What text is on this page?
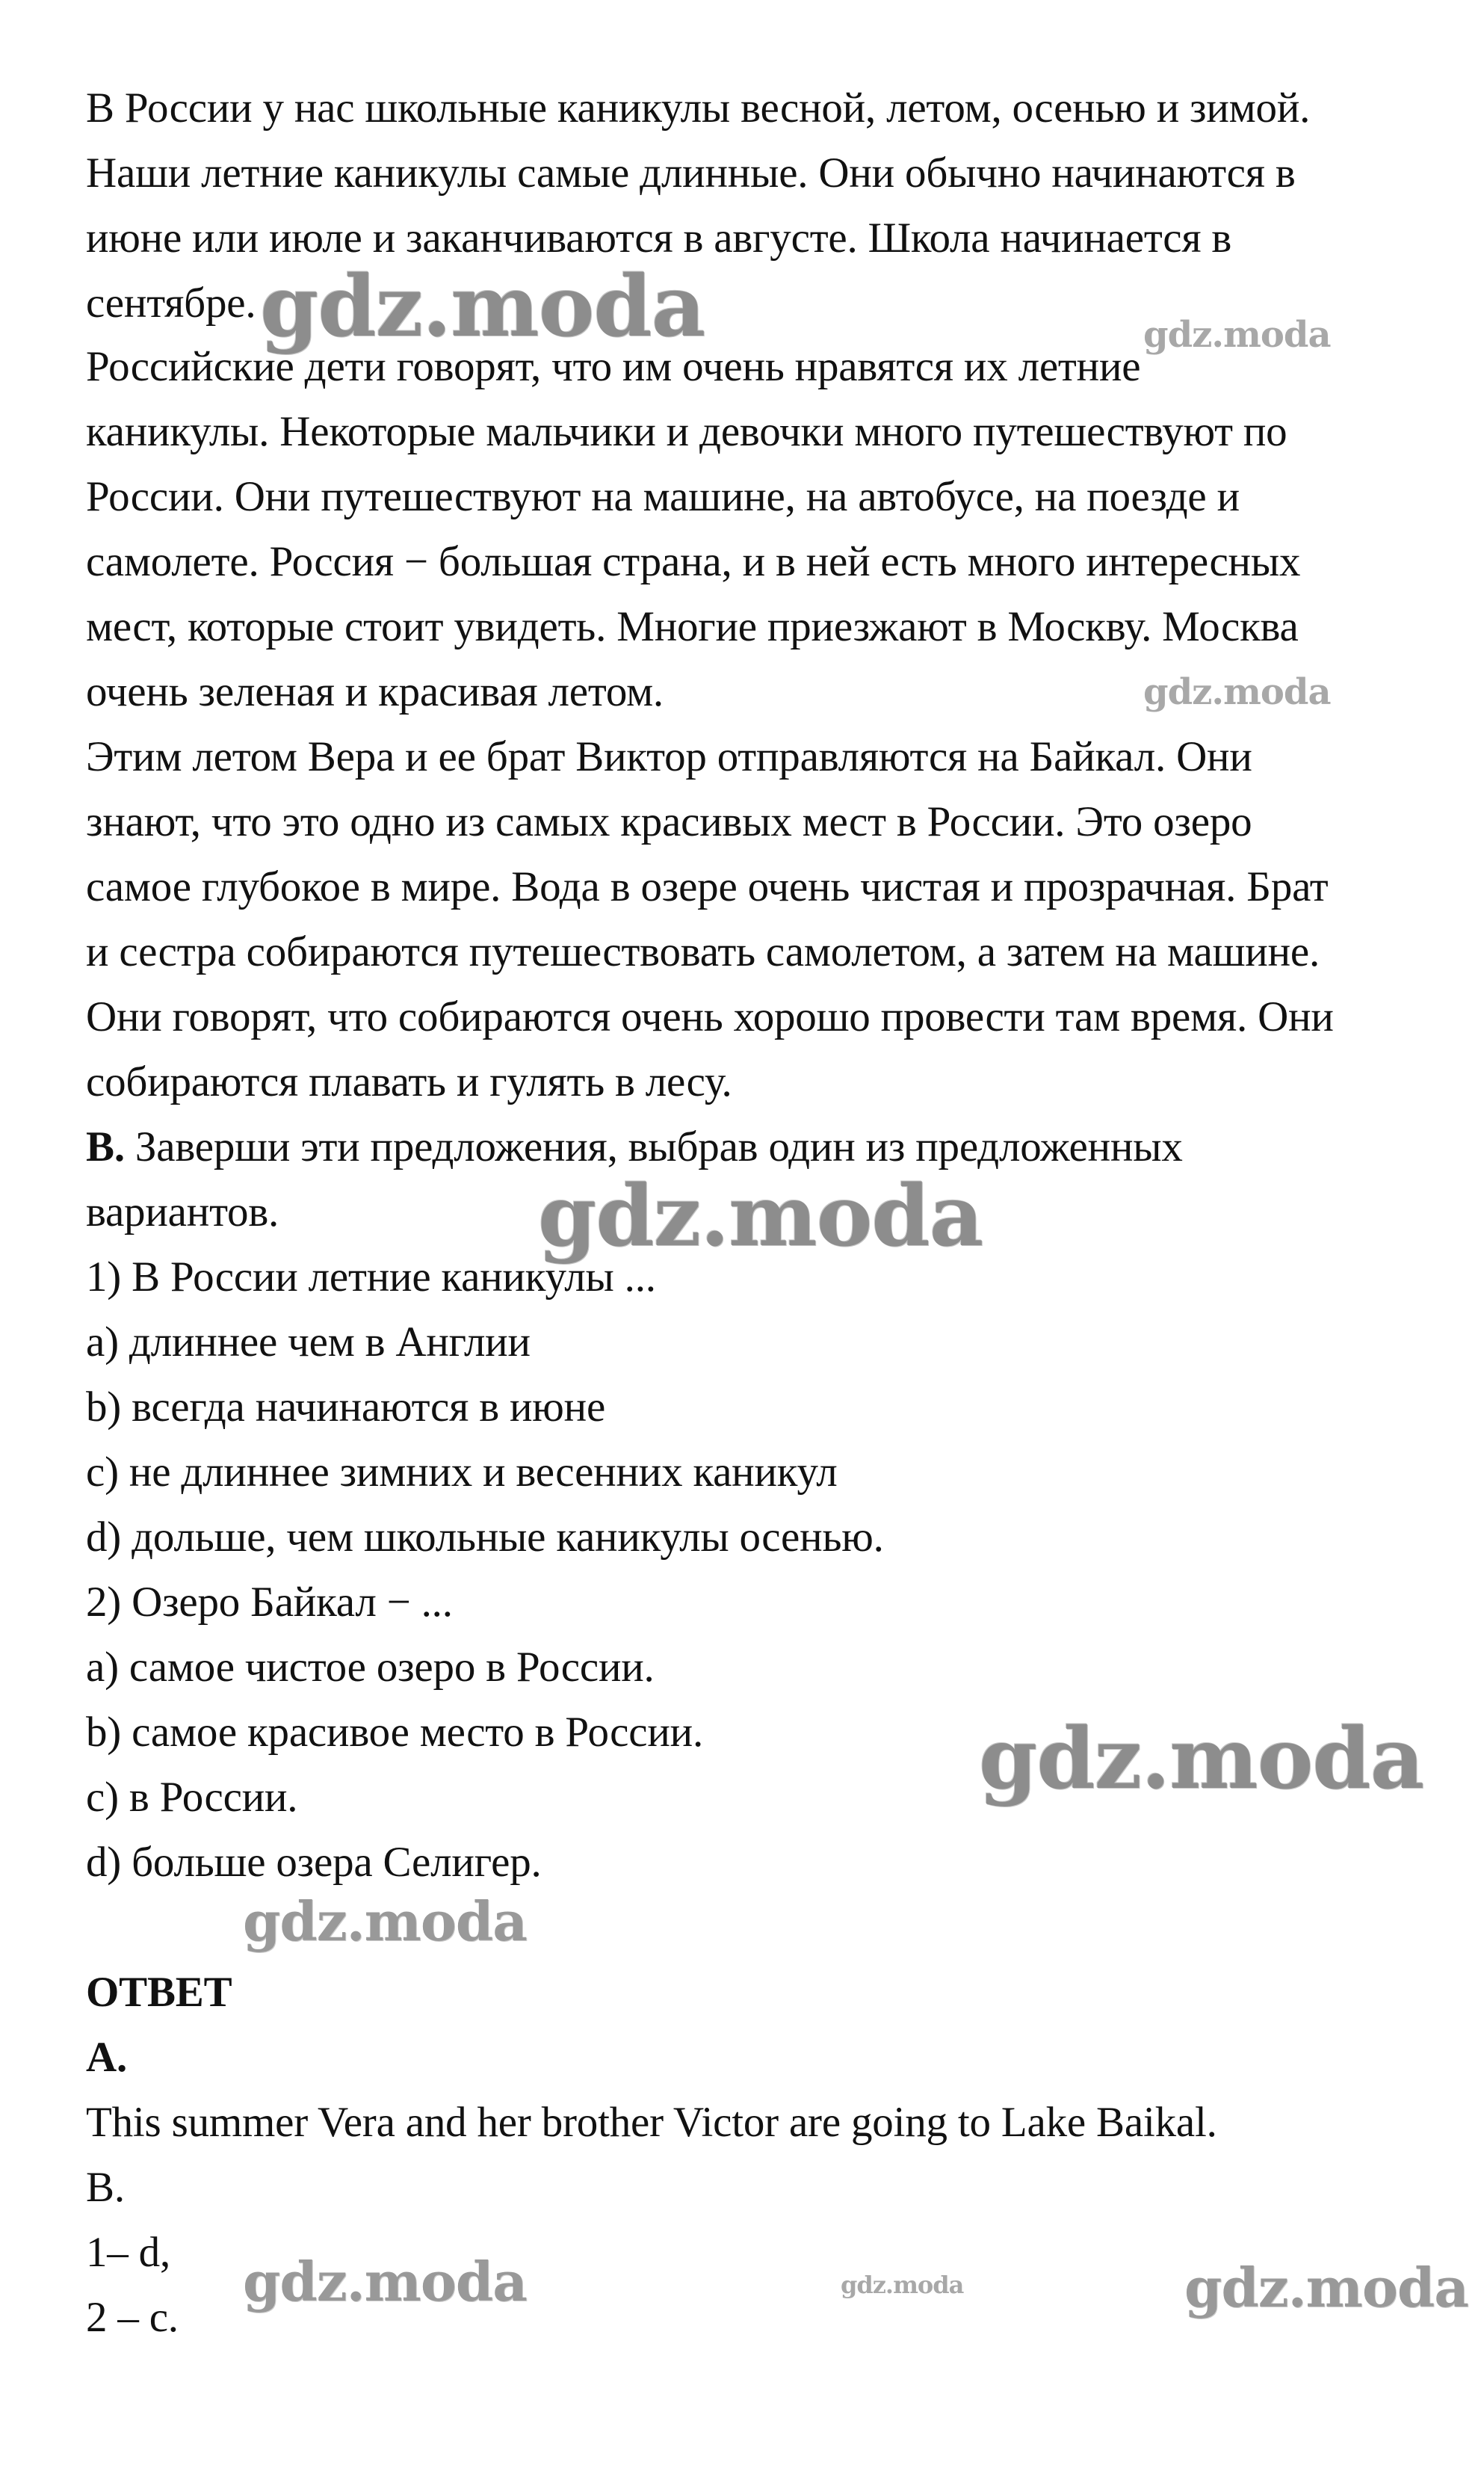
В России у нас школьные каникулы весной, летом, осенью и зимой.
Наши летние каникулы самые длинные. Они обычно начинаются в
июне или июле и заканчиваются в августе. Школа начинается в
сентябре.
Российские дети говорят, что им очень нравятся их летние
каникулы. Некоторые мальчики и девочки много путешествуют по
России. Они путешествуют на машине, на автобусе, на поезде и
самолете. Россия − большая страна, и в ней есть много интересных
мест, которые стоит увидеть. Многие приезжают в Москву. Москва
очень зеленая и красивая летом.
Этим летом Вера и ее брат Виктор отправляются на Байкал. Они
знают, что это одно из самых красивых мест в России. Это озеро
самое глубокое в мире. Вода в озере очень чистая и прозрачная. Брат
и сестра собираются путешествовать самолетом, а затем на машине.
Они говорят, что собираются очень хорошо провести там время. Они
собираются плавать и гулять в лесу.
B. Заверши эти предложения, выбрав один из предложенных
вариантов.
1) В России летние каникулы ...
a) длиннее чем в Англии
b) всегда начинаются в июне
c) не длиннее зимних и весенних каникул
d) дольше, чем школьные каникулы осенью.
2) Озеро Байкал − ...
a) самое чистое озеро в России.
b) самое красивое место в России.
c) в России.
d) больше озера Селигер.
ОТВЕТ
A.
This summer Vera and her brother Victor are going to Lake Baikal.
B.
1– d,
2 – c.
gdz.moda	gdz.moda
gdz.moda
gdz.moda
gdz.moda
gdz.moda
gdz.moda	gdz.moda	gdz.moda
